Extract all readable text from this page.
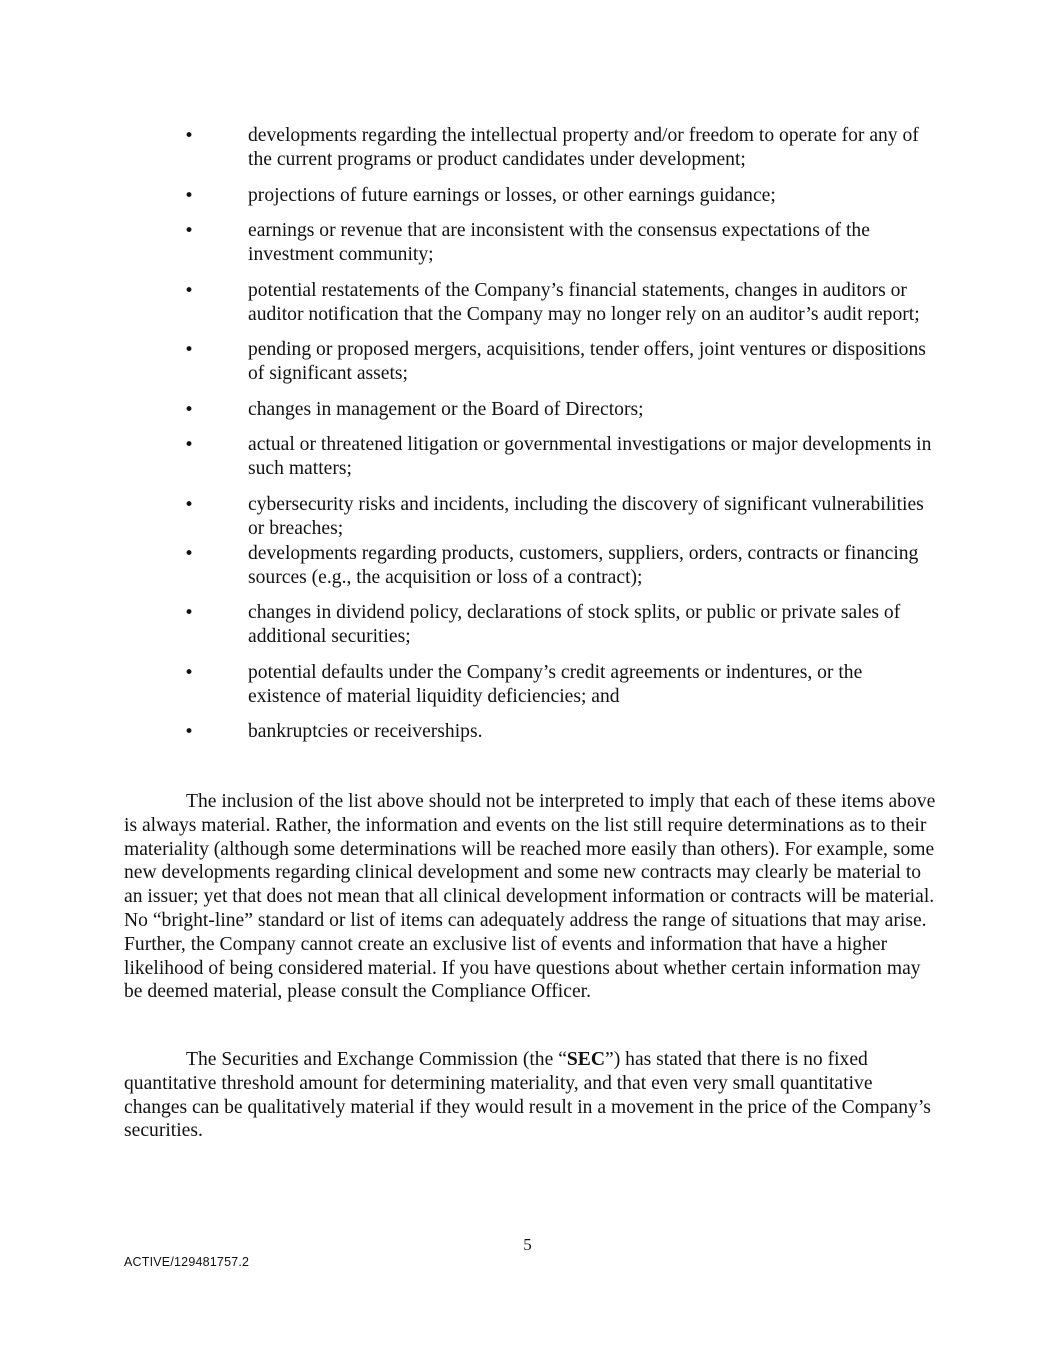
•	developments regarding the intellectual property and/or freedom to operate for any of the current programs or product candidates under development;
•	projections of future earnings or losses, or other earnings guidance;
•	earnings or revenue that are inconsistent with the consensus expectations of the investment community;
•	potential restatements of the Company’s financial statements, changes in auditors or auditor notification that the Company may no longer rely on an auditor’s audit report;
•	pending or proposed mergers, acquisitions, tender offers, joint ventures or dispositions of significant assets;
•	changes in management or the Board of Directors;
•	actual or threatened litigation or governmental investigations or major developments in such matters;
•	cybersecurity risks and incidents, including the discovery of significant vulnerabilities or breaches;
•	developments regarding products, customers, suppliers, orders, contracts or financing sources (e.g., the acquisition or loss of a contract);
•	changes in dividend policy, declarations of stock splits, or public or private sales of additional securities;
•	potential defaults under the Company’s credit agreements or indentures, or the existence of material liquidity deficiencies; and
•	bankruptcies or receiverships.

The inclusion of the list above should not be interpreted to imply that each of these items above is always material. Rather, the information and events on the list still require determinations as to their materiality (although some determinations will be reached more easily than others). For example, some new developments regarding clinical development and some new contracts may clearly be material to an issuer; yet that does not mean that all clinical development information or contracts will be material. No “bright-line” standard or list of items can adequately address the range of situations that may arise. Further, the Company cannot create an exclusive list of events and information that have a higher likelihood of being considered material. If you have questions about whether certain information may be deemed material, please consult the Compliance Officer.

The Securities and Exchange Commission (the “SEC”) has stated that there is no fixed quantitative threshold amount for determining materiality, and that even very small quantitative changes can be qualitatively material if they would result in a movement in the price of the Company’s securities.

5
ACTIVE/129481757.2
